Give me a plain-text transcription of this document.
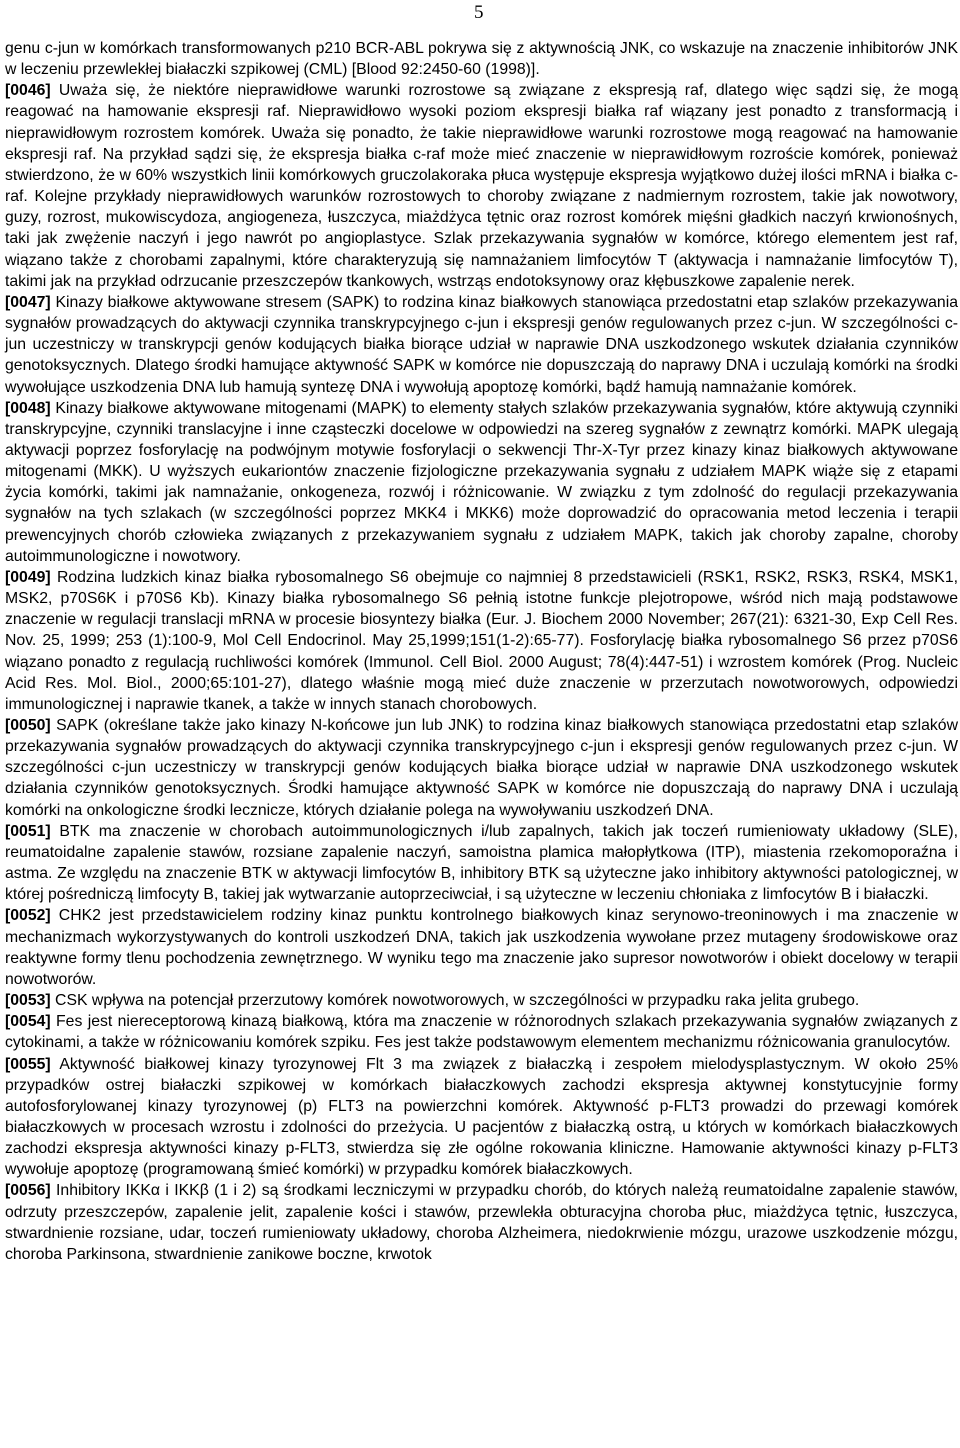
5

genu c-jun w komórkach transformowanych p210 BCR-ABL pokrywa się z aktywnością JNK, co wskazuje na znaczenie inhibitorów JNK w leczeniu przewlekłej białaczki szpikowej (CML) [Blood 92:2450-60 (1998)].

[0046] Uważa się, że niektóre nieprawidłowe warunki rozrostowe są związane z ekspresją raf, dlatego więc sądzi się, że mogą reagować na hamowanie ekspresji raf. Nieprawidłowo wysoki poziom ekspresji białka raf wiązany jest ponadto z transformacją i nieprawidłowym rozrostem komórek. Uważa się ponadto, że takie nieprawidłowe warunki rozrostowe mogą reagować na hamowanie ekspresji raf. Na przykład sądzi się, że ekspresja białka c-raf może mieć znaczenie w nieprawidłowym rozroście komórek, ponieważ stwierdzono, że w 60% wszystkich linii komórkowych gruczolakoraka płuca występuje ekspresja wyjątkowo dużej ilości mRNA i białka c-raf. Kolejne przykłady nieprawidłowych warunków rozrostowych to choroby związane z nadmiernym rozrostem, takie jak nowotwory, guzy, rozrost, mukowiscydoza, angiogeneza, łuszczyca, miażdżyca tętnic oraz rozrost komórek mięśni gładkich naczyń krwionośnych, taki jak zwężenie naczyń i jego nawrót po angioplastyce. Szlak przekazywania sygnałów w komórce, którego elementem jest raf, wiązano także z chorobami zapalnymi, które charakteryzują się namnażaniem limfocytów T (aktywacja i namnażanie limfocytów T), takimi jak na przykład odrzucanie przeszczepów tkankowych, wstrząs endotoksynowy oraz kłębuszkowe zapalenie nerek.

[0047] Kinazy białkowe aktywowane stresem (SAPK) to rodzina kinaz białkowych stanowiąca przedostatni etap szlaków przekazywania sygnałów prowadzących do aktywacji czynnika transkrypcyjnego c-jun i ekspresji genów regulowanych przez c-jun. W szczególności c-jun uczestniczy w transkrypcji genów kodujących białka biorące udział w naprawie DNA uszkodzonego wskutek działania czynników genotoksycznych. Dlatego środki hamujące aktywność SAPK w komórce nie dopuszczają do naprawy DNA i uczulają komórki na środki wywołujące uszkodzenia DNA lub hamują syntezę DNA i wywołują apoptozę komórki, bądź hamują namnażanie komórek.

[0048] Kinazy białkowe aktywowane mitogenami (MAPK) to elementy stałych szlaków przekazywania sygnałów, które aktywują czynniki transkrypcyjne, czynniki translacyjne i inne cząsteczki docelowe w odpowiedzi na szereg sygnałów z zewnątrz komórki. MAPK ulegają aktywacji poprzez fosforylację na podwójnym motywie fosforylacji o sekwencji Thr-X-Tyr przez kinazy kinaz białkowych aktywowane mitogenami (MKK). U wyższych eukariontów znaczenie fizjologiczne przekazywania sygnału z udziałem MAPK wiąże się z etapami życia komórki, takimi jak namnażanie, onkogeneza, rozwój i różnicowanie. W związku z tym zdolność do regulacji przekazywania sygnałów na tych szlakach (w szczególności poprzez MKK4 i MKK6) może doprowadzić do opracowania metod leczenia i terapii prewencyjnych chorób człowieka związanych z przekazywaniem sygnału z udziałem MAPK, takich jak choroby zapalne, choroby autoimmunologiczne i nowotwory.

[0049] Rodzina ludzkich kinaz białka rybosomalnego S6 obejmuje co najmniej 8 przedstawicieli (RSK1, RSK2, RSK3, RSK4, MSK1, MSK2, p70S6K i p70S6 Kb). Kinazy białka rybosomalnego S6 pełnią istotne funkcje plejotropowe, wśród nich mają podstawowe znaczenie w regulacji translacji mRNA w procesie biosyntezy białka (Eur. J. Biochem 2000 November; 267(21): 6321-30, Exp Cell Res. Nov. 25, 1999; 253 (1):100-9, Mol Cell Endocrinol. May 25,1999;151(1-2):65-77). Fosforylację białka rybosomalnego S6 przez p70S6 wiązano ponadto z regulacją ruchliwości komórek (Immunol. Cell Biol. 2000 August; 78(4):447-51) i wzrostem komórek (Prog. Nucleic Acid Res. Mol. Biol., 2000;65:101-27), dlatego właśnie mogą mieć duże znaczenie w przerzutach nowotworowych, odpowiedzi immunologicznej i naprawie tkanek, a także w innych stanach chorobowych.

[0050] SAPK (określane także jako kinazy N-końcowe jun lub JNK) to rodzina kinaz białkowych stanowiąca przedostatni etap szlaków przekazywania sygnałów prowadzących do aktywacji czynnika transkrypcyjnego c-jun i ekspresji genów regulowanych przez c-jun. W szczególności c-jun uczestniczy w transkrypcji genów kodujących białka biorące udział w naprawie DNA uszkodzonego wskutek działania czynników genotoksycznych. Środki hamujące aktywność SAPK w komórce nie dopuszczają do naprawy DNA i uczulają komórki na onkologiczne środki lecznicze, których działanie polega na wywoływaniu uszkodzeń DNA.

[0051] BTK ma znaczenie w chorobach autoimmunologicznych i/lub zapalnych, takich jak toczeń rumieniowaty układowy (SLE), reumatoidalne zapalenie stawów, rozsiane zapalenie naczyń, samoistna plamica małopłytkowa (ITP), miastenia rzekomoporaźna i astma. Ze względu na znaczenie BTK w aktywacji limfocytów B, inhibitory BTK są użyteczne jako inhibitory aktywności patologicznej, w której pośredniczą limfocyty B, takiej jak wytwarzanie autoprzeciwciał, i są użyteczne w leczeniu chłoniaka z limfocytów B i białaczki.

[0052] CHK2 jest przedstawicielem rodziny kinaz punktu kontrolnego białkowych kinaz serynowo-treoninowych i ma znaczenie w mechanizmach wykorzystywanych do kontroli uszkodzeń DNA, takich jak uszkodzenia wywołane przez mutageny środowiskowe oraz reaktywne formy tlenu pochodzenia zewnętrznego. W wyniku tego ma znaczenie jako supresor nowotworów i obiekt docelowy w terapii nowotworów.

[0053] CSK wpływa na potencjał przerzutowy komórek nowotworowych, w szczególności w przypadku raka jelita grubego.

[0054] Fes jest niereceptorową kinazą białkową, która ma znaczenie w różnorodnych szlakach przekazywania sygnałów związanych z cytokinami, a także w różnicowaniu komórek szpiku. Fes jest także podstawowym elementem mechanizmu różnicowania granulocytów.

[0055] Aktywność białkowej kinazy tyrozynowej Flt 3 ma związek z białaczką i zespołem mielodysplastycznym. W około 25% przypadków ostrej białaczki szpikowej w komórkach białaczkowych zachodzi ekspresja aktywnej konstytucyjnie formy autofosforylowanej kinazy tyrozynowej (p) FLT3 na powierzchni komórek. Aktywność p-FLT3 prowadzi do przewagi komórek białaczkowych w procesach wzrostu i zdolności do przeżycia. U pacjentów z białaczką ostrą, u których w komórkach białaczkowych zachodzi ekspresja aktywności kinazy p-FLT3, stwierdza się złe ogólne rokowania kliniczne. Hamowanie aktywności kinazy p-FLT3 wywołuje apoptozę (programowaną śmieć komórki) w przypadku komórek białaczkowych.

[0056] Inhibitory IKKα i IKKβ (1 i 2) są środkami leczniczymi w przypadku chorób, do których należą reumatoidalne zapalenie stawów, odrzuty przeszczepów, zapalenie jelit, zapalenie kości i stawów, przewlekła obturacyjna choroba płuc, miażdżyca tętnic, łuszczyca, stwardnienie rozsiane, udar, toczeń rumieniowaty układowy, choroba Alzheimera, niedokrwienie mózgu, urazowe uszkodzenie mózgu, choroba Parkinsona, stwardnienie zanikowe boczne, krwotok
